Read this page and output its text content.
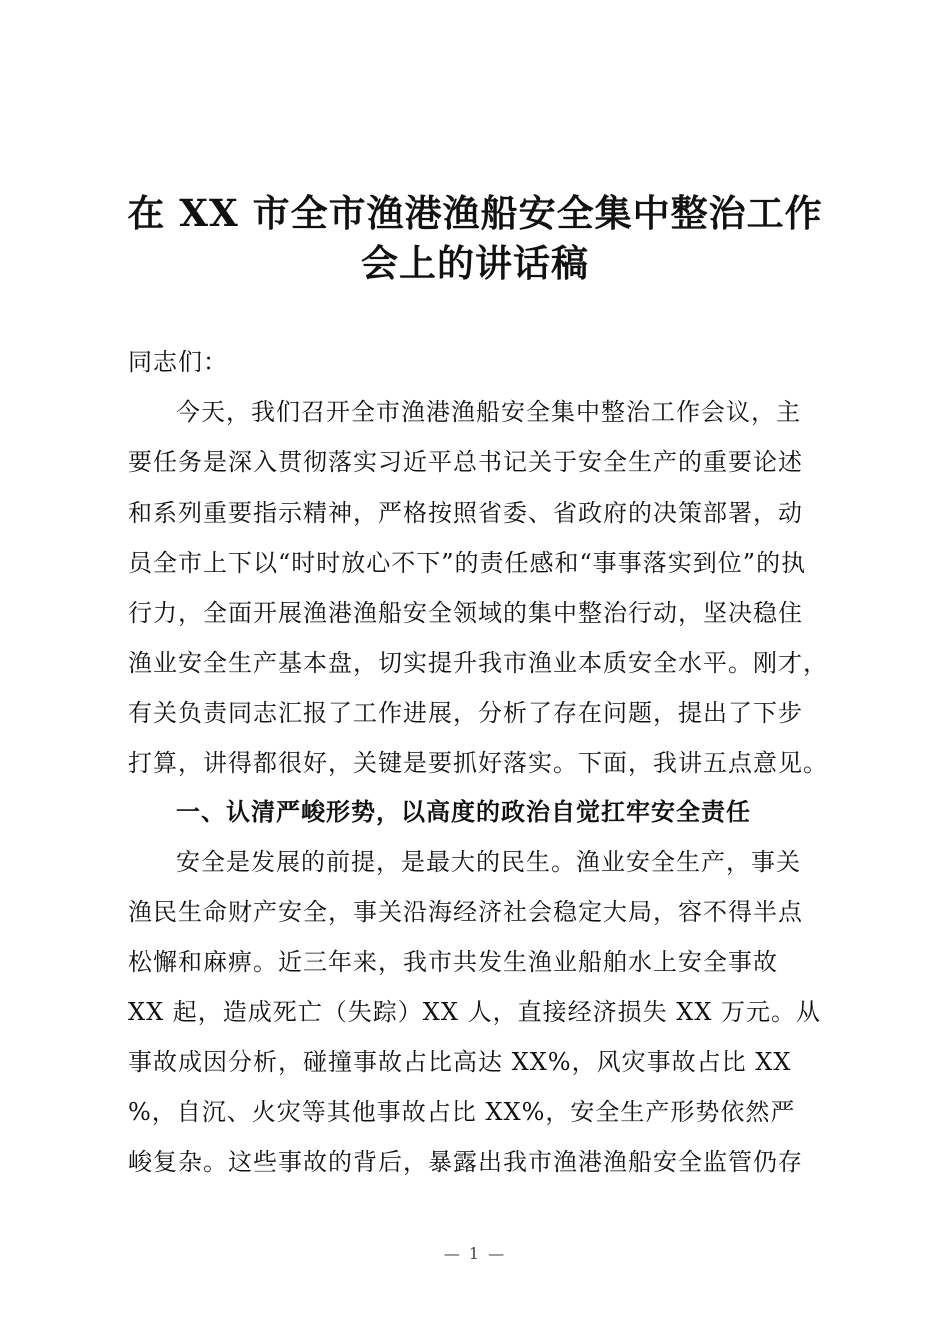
在 XX 市全市渔港渔船安全集中整治工作
会上的讲话稿
同志们：
今天，我们召开全市渔港渔船安全集中整治工作会议，主
要任务是深入贯彻落实习近平总书记关于安全生产的重要论述
和系列重要指示精神，严格按照省委、省政府的决策部署，动
员全市上下以“时时放心不下”的责任感和“事事落实到位”的执
行力，全面开展渔港渔船安全领域的集中整治行动，坚决稳住
渔业安全生产基本盘，切实提升我市渔业本质安全水平。刚才，
有关负责同志汇报了工作进展，分析了存在问题，提出了下步
打算，讲得都很好，关键是要抓好落实。下面，我讲五点意见。
一、认清严峻形势，以高度的政治自觉扛牢安全责任
安全是发展的前提，是最大的民生。渔业安全生产，事关
渔民生命财产安全，事关沿海经济社会稳定大局，容不得半点
松懈和麻痹。近三年来，我市共发生渔业船舶水上安全事故
XX 起，造成死亡（失踪）XX 人，直接经济损失 XX 万元。从
事故成因分析，碰撞事故占比高达 XX%，风灾事故占比 XX
%，自沉、火灾等其他事故占比 XX%，安全生产形势依然严
峻复杂。这些事故的背后，暴露出我市渔港渔船安全监管仍存
— 1 —
